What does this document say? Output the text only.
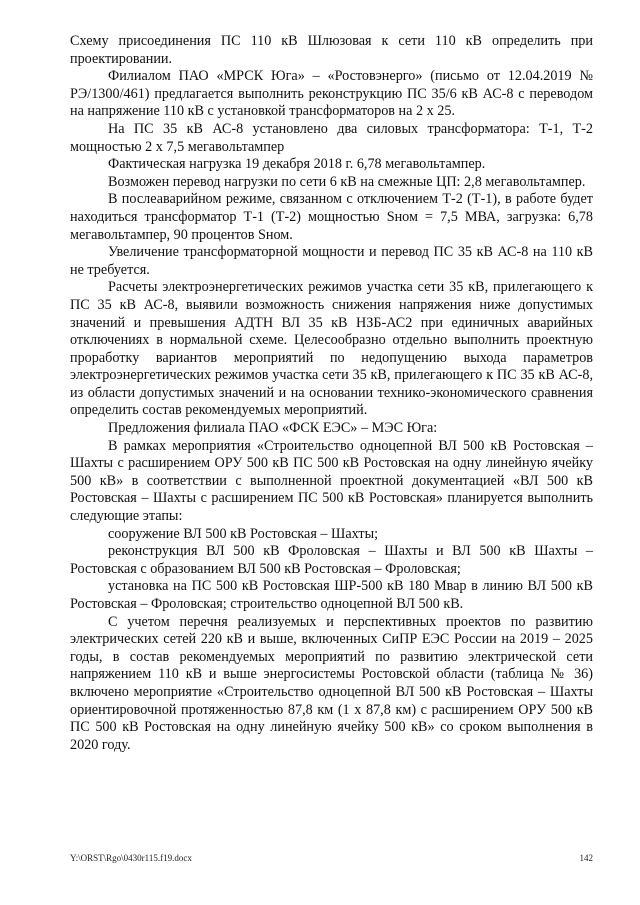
Схему присоединения ПС 110 кВ Шлюзовая к сети 110 кВ определить при проектировании.

Филиалом ПАО «МРСК Юга» – «Ростовэнерго» (письмо от 12.04.2019 № РЭ/1300/461) предлагается выполнить реконструкцию ПС 35/6 кВ АС-8 с переводом на напряжение 110 кВ с установкой трансформаторов на 2 х 25.

На ПС 35 кВ АС-8 установлено два силовых трансформатора: Т-1, Т-2 мощностью 2 х 7,5 мегавольтампер

Фактическая нагрузка 19 декабря 2018 г. 6,78 мегавольтампер.

Возможен перевод нагрузки по сети 6 кВ на смежные ЦП: 2,8 мегавольтампер.

В послеаварийном режиме, связанном с отключением Т-2 (Т-1), в работе будет находиться трансформатор Т-1 (Т-2) мощностью Sном = 7,5 МВА, загрузка: 6,78 мегавольтампер, 90 процентов Sном.

Увеличение трансформаторной мощности и перевод ПС 35 кВ АС-8 на 110 кВ не требуется.

Расчеты электроэнергетических режимов участка сети 35 кВ, прилегающего к ПС 35 кВ АС-8, выявили возможность снижения напряжения ниже допустимых значений и превышения АДТН ВЛ 35 кВ НЗБ-АС2 при единичных аварийных отключениях в нормальной схеме. Целесообразно отдельно выполнить проектную проработку вариантов мероприятий по недопущению выхода параметров электроэнергетических режимов участка сети 35 кВ, прилегающего к ПС 35 кВ АС-8, из области допустимых значений и на основании технико-экономического сравнения определить состав рекомендуемых мероприятий.

Предложения филиала ПАО «ФСК ЕЭС» – МЭС Юга:

В рамках мероприятия «Строительство одноцепной ВЛ 500 кВ Ростовская – Шахты с расширением ОРУ 500 кВ ПС 500 кВ Ростовская на одну линейную ячейку 500 кВ» в соответствии с выполненной проектной документацией «ВЛ 500 кВ Ростовская – Шахты с расширением ПС 500 кВ Ростовская» планируется выполнить следующие этапы:

сооружение ВЛ 500 кВ Ростовская – Шахты;

реконструкция ВЛ 500 кВ Фроловская – Шахты и ВЛ 500 кВ Шахты – Ростовская с образованием ВЛ 500 кВ Ростовская – Фроловская;

установка на ПС 500 кВ Ростовская ШР-500 кВ 180 Мвар в линию ВЛ 500 кВ Ростовская – Фроловская; строительство одноцепной ВЛ 500 кВ.

С учетом перечня реализуемых и перспективных проектов по развитию электрических сетей 220 кВ и выше, включенных СиПР ЕЭС России на 2019 – 2025 годы, в состав рекомендуемых мероприятий по развитию электрической сети напряжением 110 кВ и выше энергосистемы Ростовской области (таблица № 36) включено мероприятие «Строительство одноцепной ВЛ 500 кВ Ростовская – Шахты ориентировочной протяженностью 87,8 км (1 х 87,8 км) с расширением ОРУ 500 кВ ПС 500 кВ Ростовская на одну линейную ячейку 500 кВ» со сроком выполнения в 2020 году.

Y:\ORST\Rgo\0430r115.f19.docx	142
